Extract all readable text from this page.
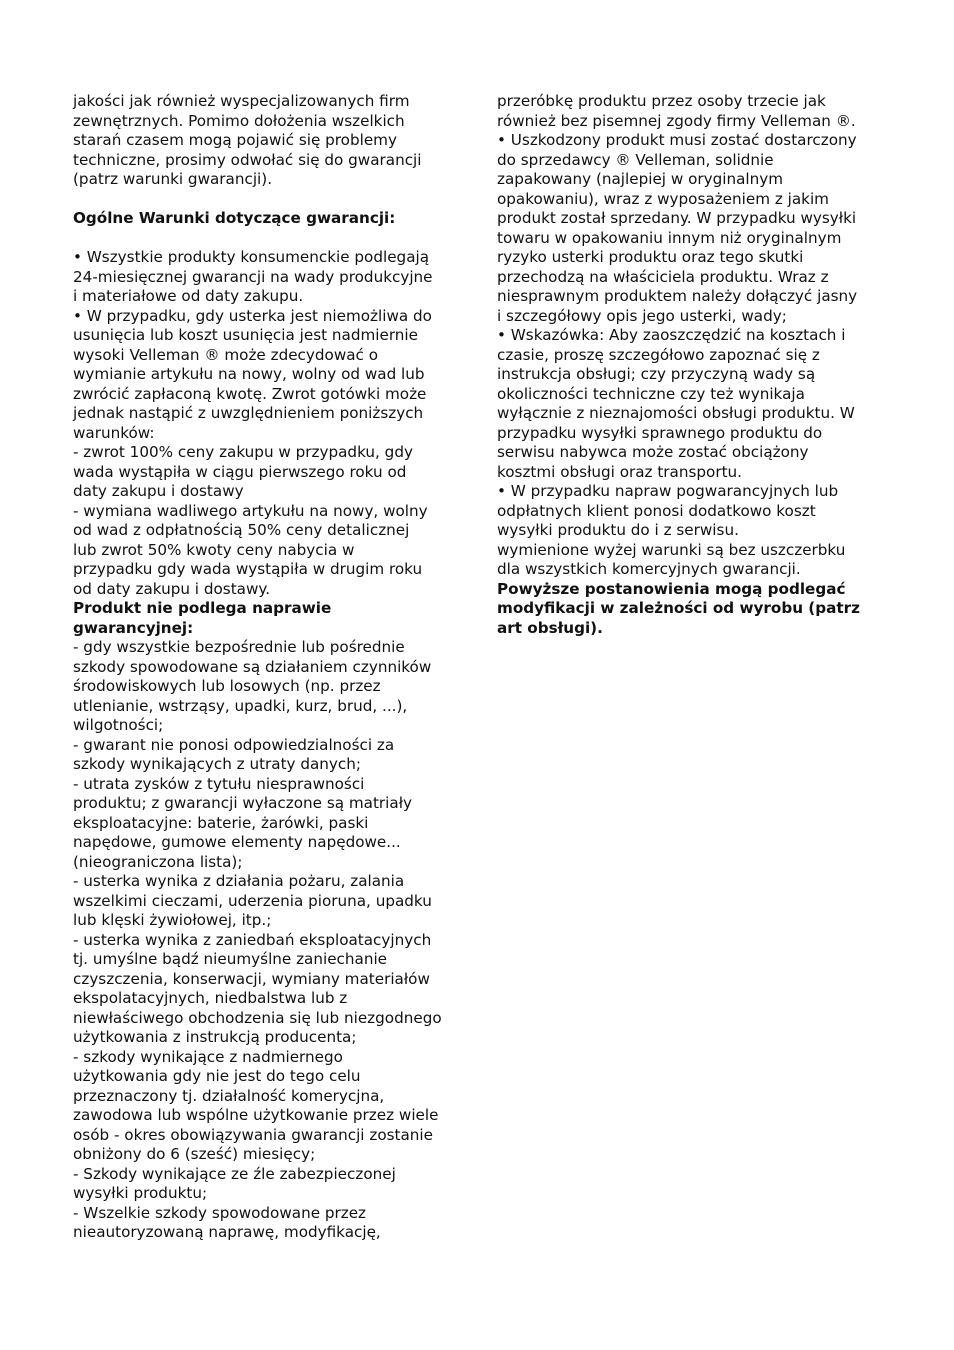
jakości jak również wyspecjalizowanych firm
zewnętrznych. Pomimo dołożenia wszelkich
starań czasem mogą pojawić się problemy
techniczne, prosimy odwołać się do gwarancji
(patrz warunki gwarancji).
Ogólne Warunki dotyczące gwarancji:
• Wszystkie produkty konsumenckie podlegają
24-miesięcznej gwarancji na wady produkcyjne
i materiałowe od daty zakupu.
• W przypadku, gdy usterka jest niemożliwa do
usunięcia lub koszt usunięcia jest nadmiernie
wysoki Velleman ® może zdecydować o
wymianie artykułu na nowy, wolny od wad lub
zwrócić zapłaconą kwotę. Zwrot gotówki może
jednak nastąpić z uwzględnieniem poniższych
warunków:
- zwrot 100% ceny zakupu w przypadku, gdy
wada wystąpiła w ciągu pierwszego roku od
daty zakupu i dostawy
- wymiana wadliwego artykułu na nowy, wolny
od wad z odpłatnością 50% ceny detalicznej
lub zwrot 50% kwoty ceny nabycia w
przypadku gdy wada wystąpiła w drugim roku
od daty zakupu i dostawy.
Produkt nie podlega naprawie
gwarancyjnej:
- gdy wszystkie bezpośrednie lub pośrednie
szkody spowodowane są działaniem czynników
środowiskowych lub losowych (np. przez
utlenianie, wstrząsy, upadki, kurz, brud, ...),
wilgotności;
- gwarant nie ponosi odpowiedzialności za
szkody wynikających z utraty danych;
- utrata zysków z tytułu niesprawności
produktu; z gwarancji wyłaczone są matriały
eksploatacyjne: baterie, żarówki, paski
napędowe, gumowe elementy napędowe...
(nieograniczona lista);
- usterka wynika z działania pożaru, zalania
wszelkimi cieczami, uderzenia pioruna, upadku
lub klęski żywiołowej, itp.;
- usterka wynika z zaniedbań eksploatacyjnych
tj. umyślne bądź nieumyślne zaniechanie
czyszczenia, konserwacji, wymiany materiałów
ekspolatacyjnych, niedbalstwa lub z
niewłaściwego obchodzenia się lub niezgodnego
użytkowania z instrukcją producenta;
- szkody wynikające z nadmiernego
użytkowania gdy nie jest do tego celu
przeznaczony tj. działalność komerycjna,
zawodowa lub wspólne użytkowanie przez wiele
osób - okres obowiązywania gwarancji zostanie
obniżony do 6 (sześć) miesięcy;
- Szkody wynikające ze źle zabezpieczonej
wysyłki produktu;
- Wszelkie szkody spowodowane przez
nieautoryzowaną naprawę, modyfikację,
przeróbkę produktu przez osoby trzecie jak
również bez pisemnej zgody firmy Velleman ®.
• Uszkodzony produkt musi zostać dostarczony
do sprzedawcy ® Velleman, solidnie
zapakowany (najlepiej w oryginalnym
opakowaniu), wraz z wyposażeniem z jakim
produkt został sprzedany. W przypadku wysyłki
towaru w opakowaniu innym niż oryginalnym
ryzyko usterki produktu oraz tego skutki
przechodzą na właściciela produktu. Wraz z
niesprawnym produktem należy dołączyć jasny
i szczegółowy opis jego usterki, wady;
• Wskazówka: Aby zaoszczędzić na kosztach i
czasie, proszę szczegółowo zapoznać się z
instrukcja obsługi; czy przyczyną wady są
okoliczności techniczne czy też wynikaja
wyłącznie z nieznajomości obsługi produktu. W
przypadku wysyłki sprawnego produktu do
serwisu nabywca może zostać obciążony
kosztmi obsługi oraz transportu.
• W przypadku napraw pogwarancyjnych lub
odpłatnych klient ponosi dodatkowo koszt
wysyłki produktu do i z serwisu.
wymienione wyżej warunki są bez uszczerbku
dla wszystkich komercyjnych gwarancji.
Powyższe postanowienia mogą podlegać
modyfikacji w zależności od wyrobu (patrz
art obsługi).
